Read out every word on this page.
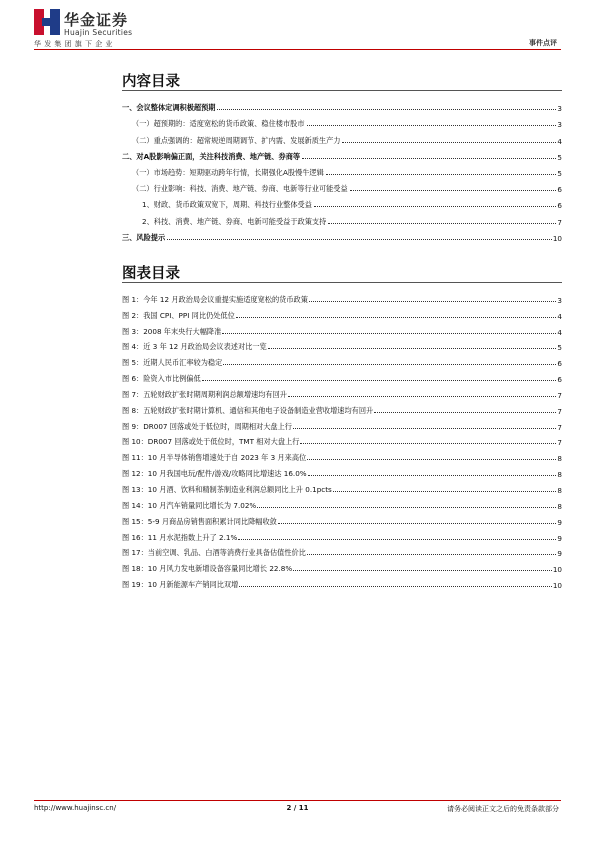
华金证券
Huajin Securities
华发集团旗下企业	事件点评
内容目录
一、会议整体定调积极超预期	3
（一）超预期的：适度宽松的货币政策、稳住楼市股市	3
（二）重点强调的：超常规逆周期调节、扩内需、发展新质生产力	4
二、对A股影响偏正面，关注科技消费、地产链、券商等	5
（一）市场趋势：短期驱动跨年行情，长期强化A股慢牛逻辑	5
（二）行业影响：科技、消费、地产链、券商、电新等行业可能受益	6
1、财政、货币政策双宽下，周期、科技行业整体受益	6
2、科技、消费、地产链、券商、电新可能受益于政策支持	7
三、风险提示	10
图表目录
图 1：今年 12 月政治局会议重提实施适度宽松的货币政策	3
图 2：我国 CPI、PPI 同比仍处低位	4
图 3：2008 年末央行大幅降准	4
图 4：近 3 年 12 月政治局会议表述对比一览	5
图 5：近期人民币汇率较为稳定	6
图 6：险资入市比例偏低	6
图 7：五轮财政扩张时期周期利润总额增速均有回升	7
图 8：五轮财政扩张时期计算机、通信和其他电子设备制造业营收增速均有回升	7
图 9：DR007 回落或处于低位时，周期相对大盘上行	7
图 10：DR007 回落或处于低位时，TMT 相对大盘上行	7
图 11：10 月半导体销售增速处于自 2023 年 3 月来高位	8
图 12：10 月我国电玩/配件/游戏/攻略同比增速达 16.0%	8
图 13：10 月酒、饮料和精制茶制造业利润总额同比上升 0.1pcts	8
图 14：10 月汽车销量同比增长为 7.02%	8
图 15：5-9 月商品房销售面积累计同比降幅收敛	9
图 16：11 月水泥指数上升了 2.1%	9
图 17：当前空调、乳品、白酒等消费行业具备估值性价比	9
图 18：10 月风力发电新增设备容量同比增长 22.8%	10
图 19：10 月新能源车产销同比双增	10
http://www.huajinsc.cn/	2 / 11	请务必阅读正文之后的免责条款部分
